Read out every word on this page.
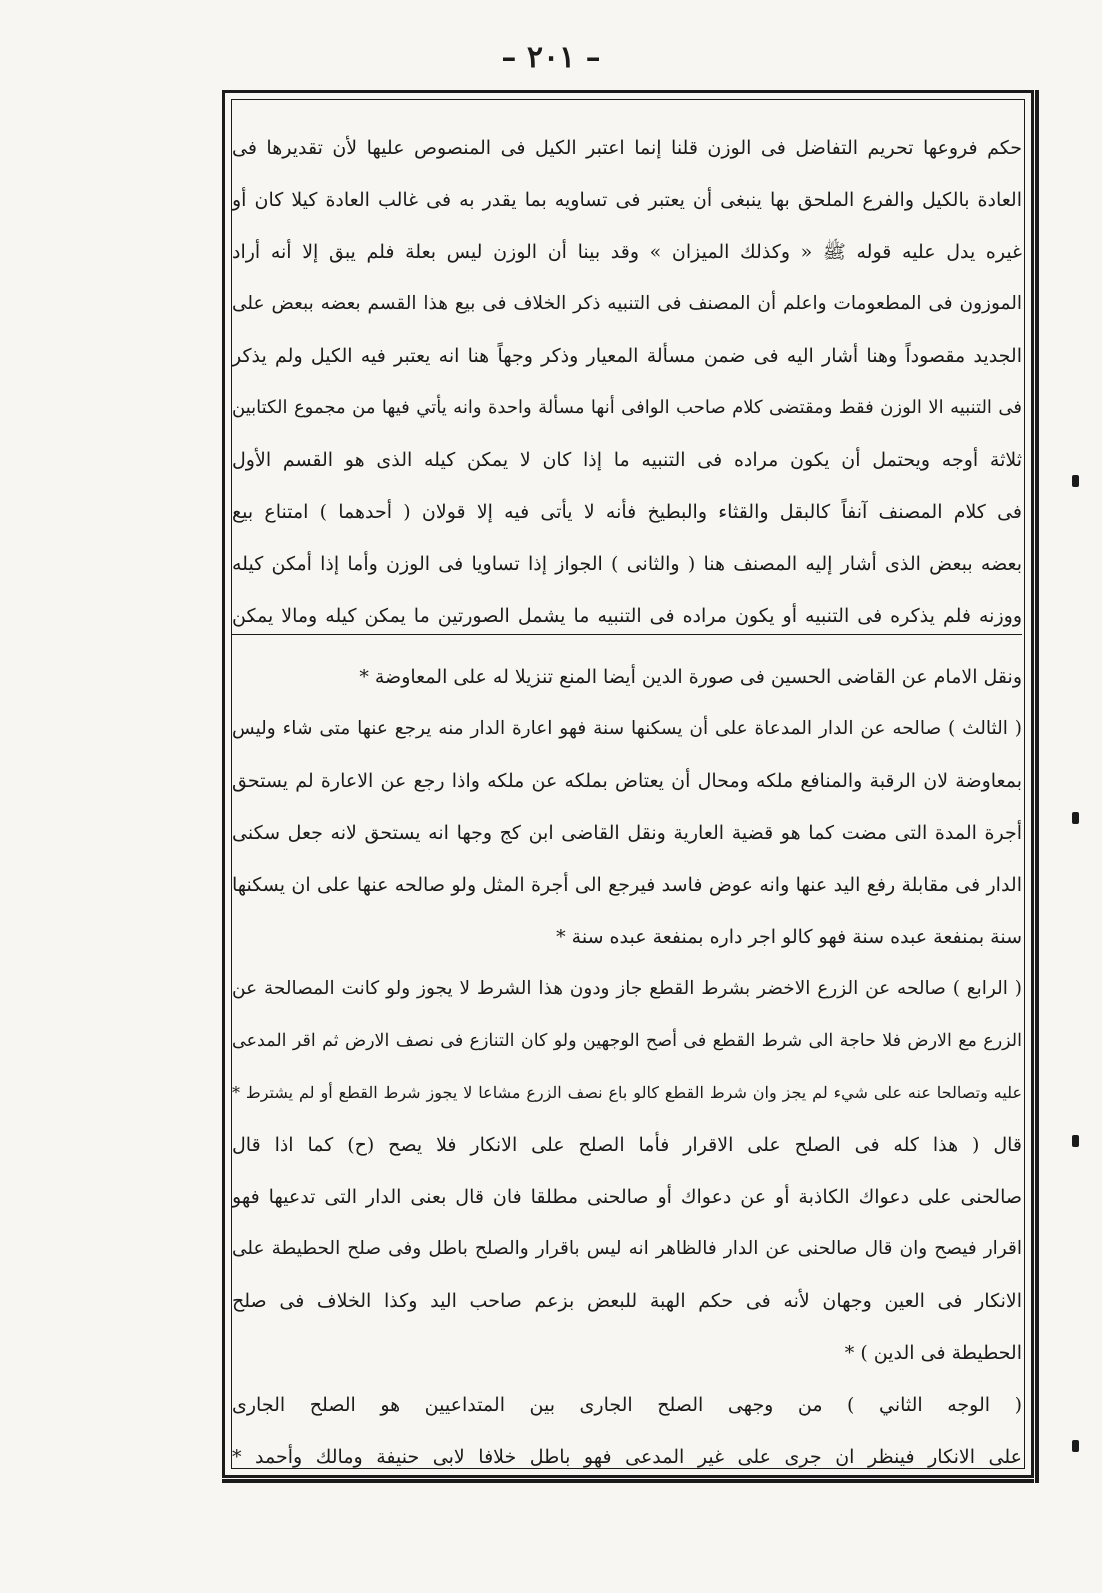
– ٢٠١ –
حكم فروعها تحريم التفاضل فى الوزن قلنا إنما اعتبر الكيل فى المنصوص عليها لأن تقديرها فى
العادة بالكيل والفرع الملحق بها ينبغى أن يعتبر فى تساويه بما يقدر به فى غالب العادة كيلا كان أو
غيره يدل عليه قوله ﷺ « وكذلك الميزان » وقد بينا أن الوزن ليس بعلة فلم يبق إلا أنه أراد
الموزون فى المطعومات واعلم أن المصنف فى التنبيه ذكر الخلاف فى بيع هذا القسم بعضه ببعض على
الجديد مقصوداً وهنا أشار اليه فى ضمن مسألة المعيار وذكر وجهاً هنا انه يعتبر فيه الكيل ولم يذكر
فى التنبيه الا الوزن فقط ومقتضى كلام صاحب الوافى أنها مسألة واحدة وانه يأتي فيها من مجموع الكتابين
ثلاثة أوجه ويحتمل أن يكون مراده فى التنبيه ما إذا كان لا يمكن كيله الذى هو القسم الأول
فى كلام المصنف آنفاً كالبقل والقثاء والبطيخ فأنه لا يأتى فيه إلا قولان ( أحدهما ) امتناع بيع
بعضه ببعض الذى أشار إليه المصنف هنا ( والثانى ) الجواز إذا تساويا فى الوزن وأما إذا أمكن كيله
ووزنه فلم يذكره فى التنبيه أو يكون مراده فى التنبيه ما يشمل الصورتين ما يمكن كيله ومالا يمكن
ونقل الامام عن القاضى الحسين فى صورة الدين أيضا المنع تنزيلا له على المعاوضة *
( الثالث ) صالحه عن الدار المدعاة على أن يسكنها سنة فهو اعارة الدار منه يرجع عنها متى شاء وليس
بمعاوضة لان الرقبة والمنافع ملكه ومحال أن يعتاض بملكه عن ملكه واذا رجع عن الاعارة لم يستحق
أجرة المدة التى مضت كما هو قضية العارية ونقل القاضى ابن كج وجها انه يستحق لانه جعل سكنى
الدار فى مقابلة رفع اليد عنها وانه عوض فاسد فيرجع الى أجرة المثل ولو صالحه عنها على ان يسكنها
سنة بمنفعة عبده سنة فهو كالو اجر داره بمنفعة عبده سنة *
( الرابع ) صالحه عن الزرع الاخضر بشرط القطع جاز ودون هذا الشرط لا يجوز ولو كانت المصالحة عن
الزرع مع الارض فلا حاجة الى شرط القطع فى أصح الوجهين ولو كان التنازع فى نصف الارض ثم اقر المدعى
عليه وتصالحا عنه على شيء لم يجز وان شرط القطع كالو باع نصف الزرع مشاعا لا يجوز شرط القطع أو لم يشترط *
قال ( هذا كله فى الصلح على الاقرار فأما الصلح على الانكار فلا يصح (ح) كما اذا قال
صالحنى على دعواك الكاذبة أو عن دعواك أو صالحنى مطلقا فان قال بعنى الدار التى تدعيها فهو
اقرار فيصح وان قال صالحنى عن الدار فالظاهر انه ليس باقرار والصلح باطل وفى صلح الحطيطة على
الانكار فى العين وجهان لأنه فى حكم الهبة للبعض بزعم صاحب اليد وكذا الخلاف فى صلح
الحطيطة فى الدين ) *
( الوجه الثاني ) من وجهى الصلح الجارى بين المتداعيين هو الصلح الجارى
على الانكار فينظر ان جرى على غير المدعى فهو باطل خلافا لابى حنيفة ومالك وأحمد *
